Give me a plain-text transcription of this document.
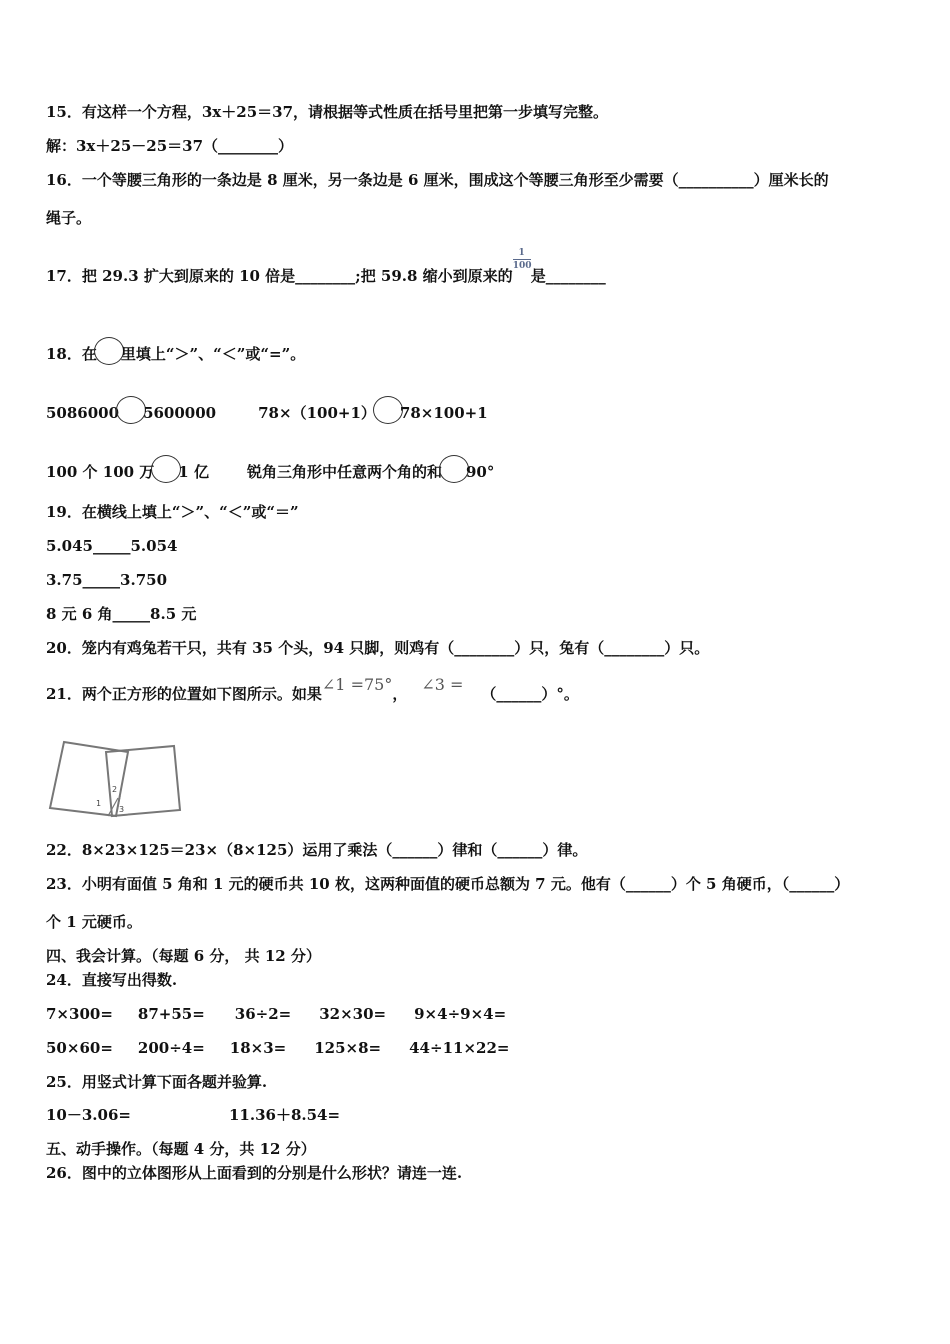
15．有这样一个方程，3x＋25＝37，请根据等式性质在括号里把第一步填写完整。
解：3x＋25－25＝37（________）
16．一个等腰三角形的一条边是 8 厘米，另一条边是 6 厘米，围成这个等腰三角形至少需要（__________）厘米长的
绳子。
17．把 29.3 扩大到原来的 10 倍是________;把 59.8 缩小到原来的$\frac{1}{100}$是________
18．在 里填上“＞”、“＜”或“=”。
5086000 5600000	78×（100+1） 78×100+1
100 个 100 万 1 亿	锐角三角形中任意两个角的和 90°
19．在横线上填上“＞”、“＜”或“＝”
5.045_____5.054
3.75_____3.750
8 元 6 角_____8.5 元
20．笼内有鸡兔若干只，共有 35 个头，94 只脚，则鸡有（________）只，兔有（________）只。
21．两个正方形的位置如下图所示。如果∠1 =75°， ∠3 = （______）°。
1
2
3
22．8×23×125＝23×（8×125）运用了乘法（______）律和（______）律。
23．小明有面值 5 角和 1 元的硬币共 10 枚，这两种面值的硬币总额为 7 元。他有（______）个 5 角硬币，（______）
个 1 元硬币。
四、我会计算。（每题 6 分， 共 12 分）
24．直接写出得数.
7×300= 87+55= 36÷2= 32×30= 9×4÷9×4=
50×60= 200÷4= 18×3= 125×8= 44÷11×22=
25．用竖式计算下面各题并验算.
10－3.06=	11.36＋8.54=
五、动手操作。（每题 4 分，共 12 分）
26．图中的立体图形从上面看到的分别是什么形状？请连一连.
